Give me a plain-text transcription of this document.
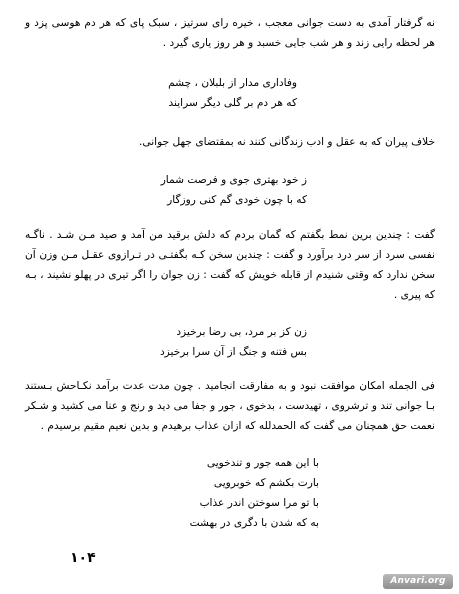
نه گرفتار آمدی به دست جوانی معجب ، خیره رای سرتیز ، سبک پای که هر دم هوسی پزد و هر لحظه رایی زند و هر شب جایی خسبد و هر روز یاری گیرد .
وفاداری مدار از بلبلان ، چشم
که هر دم بر گلی دیگر سرایند
خلاف پیران که به عقل و ادب زندگانی کنند نه بمقتضای جهل جوانی.
ز خود بهتری جوی و فرصت شمار
که با چون خودی گم کنی روزگار
گفت : چندین برین نمط بگفتم که گمان بردم که دلش برقید من آمد و صید مـن شـد . ناگـه نفسی سرد از سر درد برآورد و گفت : چندین سخن کـه بگفتـی در تـرازوی عقـل مـن وزن آن سخن ندارد که وقتی شنیدم از قابله خویش که گفت : زن جوان را اگر تیری در پهلو نشیند ، بـه که پیری .
زن کز بر مرد، بی رضا برخیزد
بس فتنه و جنگ از آن سرا برخیزد
فی الجمله امکان موافقت نبود و به مفارقت انجامید . چون مدت عدت برآمد نکـاحش بـستند بـا جوانی تند و ترشروی ، تهیدست ، بدخوی ، جور و جفا می دید و رنج و عنا می کشید و شـکر نعمت حق همچنان می گفت که الحمدلله که ازان عذاب برهیدم و بدین نعیم مقیم برسیدم .
با این همه جور و تندخویی
بارت بکشم که خوبرویی
با تو مرا سوختن اندر عذاب
به که شدن با دگری در بهشت
۱۰۴
Anvari.org
